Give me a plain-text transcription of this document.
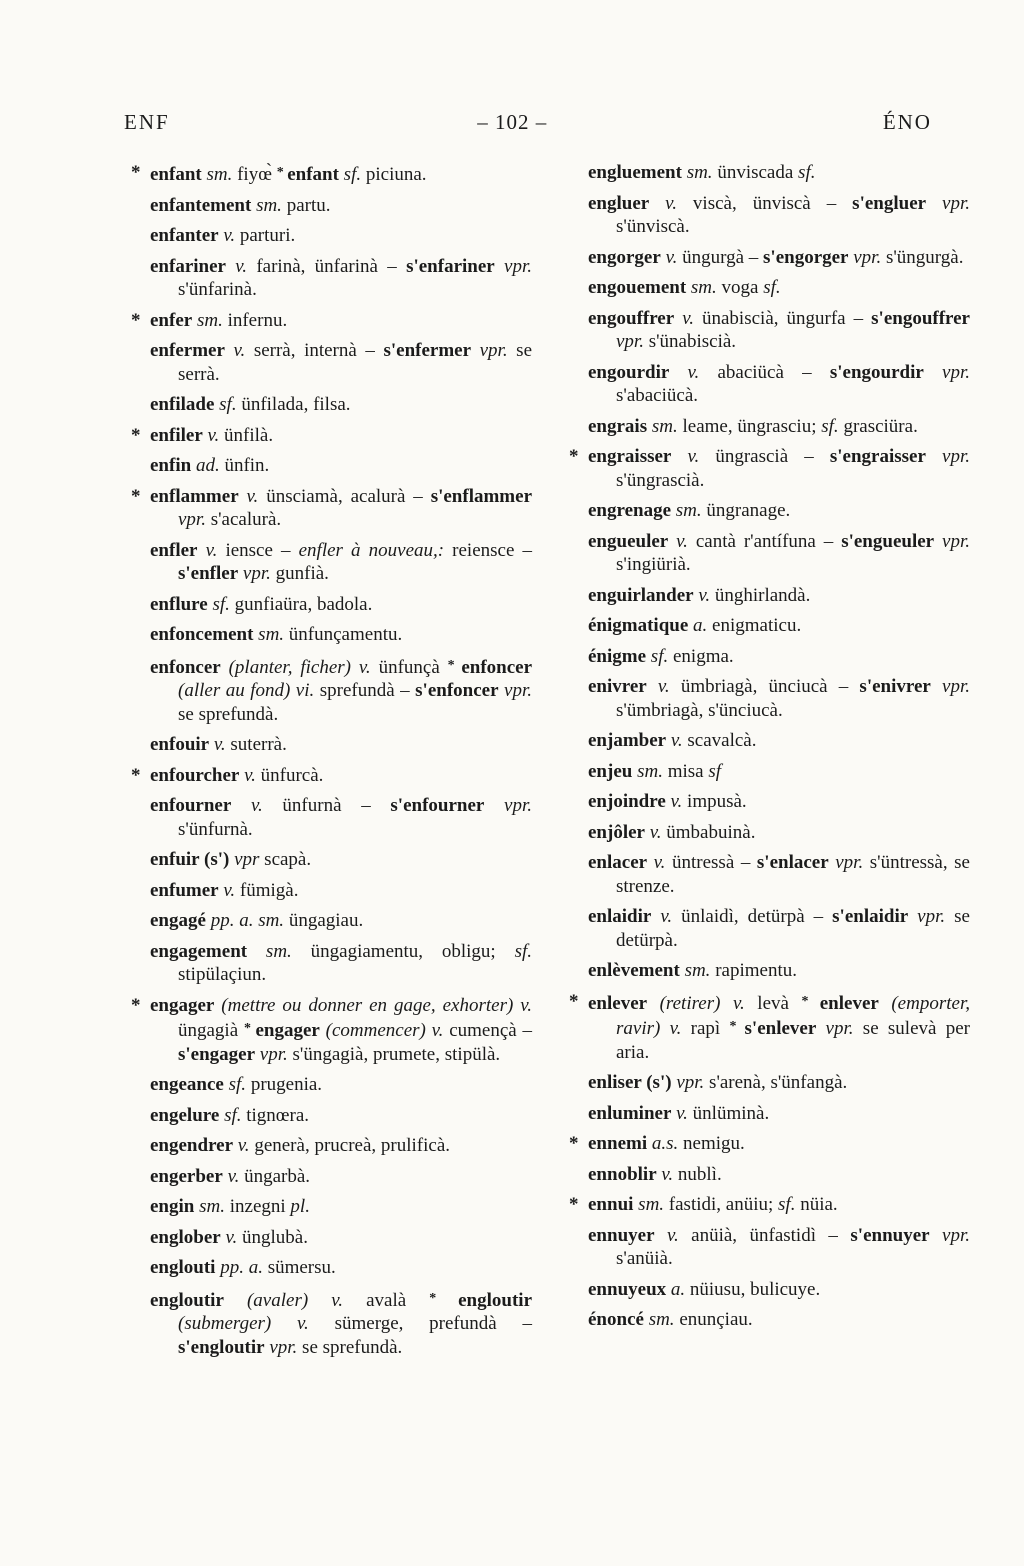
ENF	– 102 –	ÉNO
* enfant sm. fiyœ̀ * enfant sf. piciuna.
enfantement sm. partu.
enfanter v. parturi.
enfariner v. farinà, ünfarinà – s'enfariner vpr. s'ünfarinà.
* enfer sm. infernu.
enfermer v. serrà, internà – s'enfermer vpr. se serrà.
enfilade sf. ünfilada, filsa.
* enfiler v. ünfilà.
enfin ad. ünfin.
* enflammer v. ünsciamà, acalurà – s'enflammer vpr. s'acalurà.
enfler v. iensce – enfler à nouveau,: reiensce – s'enfler vpr. gunfià.
enflure sf. gunfiaüra, badola.
enfoncement sm. ünfunçamentu.
enfoncer (planter, ficher) v. ünfunçà * enfoncer (aller au fond) vi. sprefundà – s'enfoncer vpr. se sprefundà.
enfouir v. suterrà.
* enfourcher v. ünfurcà.
enfourner v. ünfurnà – s'enfourner vpr. s'ünfurnà.
enfuir (s') vpr scapà.
enfumer v. fümigà.
engagé pp. a. sm. üngagiau.
engagement sm. üngagiamentu, obligu; sf. stipülaçiun.
* engager (mettre ou donner en gage, exhorter) v. üngagià * engager (commencer) v. cumençà – s'engager vpr. s'üngagià, prumete, stipülà.
engeance sf. prugenia.
engelure sf. tignœra.
engendrer v. generà, prucreà, prulificà.
engerber v. üngarbà.
engin sm. inzegni pl.
englober v. ünglubà.
englouti pp. a. sümersu.
engloutir (avaler) v. avalà * engloutir (submerger) v. sümerge, prefundà – s'engloutir vpr. se sprefundà.
engluement sm. ünviscada sf.
engluer v. viscà, ünviscà – s'engluer vpr. s'ünviscà.
engorger v. üngurgà – s'engorger vpr. s'üngurgà.
engouement sm. voga sf.
engouffrer v. ünabiscià, üngurfa – s'engouffrer vpr. s'ünabiscià.
engourdir v. abaciücà – s'engourdir vpr. s'abaciücà.
engrais sm. leame, üngrasciu; sf. grasciüra.
* engraisser v. üngrascià – s'engraisser vpr. s'üngrascià.
engrenage sm. üngranage.
engueuler v. cantà r'antífuna – s'engueuler vpr. s'ingiürià.
enguirlander v. ünghirlandà.
énigmatique a. enigmaticu.
énigme sf. enigma.
enivrer v. ümbriagà, ünciucà – s'enivrer vpr. s'ümbriagà, s'ünciucà.
enjamber v. scavalcà.
enjeu sm. misa sf
enjoindre v. impusà.
enjôler v. ümbabuinà.
enlacer v. üntressà – s'enlacer vpr. s'üntressà, se strenze.
enlaidir v. ünlaidì, detürpà – s'enlaidir vpr. se detürpà.
enlèvement sm. rapimentu.
* enlever (retirer) v. levà * enlever (emporter, ravir) v. rapì * s'enlever vpr. se sulevà per aria.
enliser (s') vpr. s'arenà, s'ünfangà.
enluminer v. ünlüminà.
* ennemi a.s. nemigu.
ennoblir v. nublì.
* ennui sm. fastidi, anüiu; sf. nüia.
ennuyer v. anüià, ünfastidì – s'ennuyer vpr. s'anüià.
ennuyeux a. nüiusu, bulicuye.
énoncé sm. enunçiau.
